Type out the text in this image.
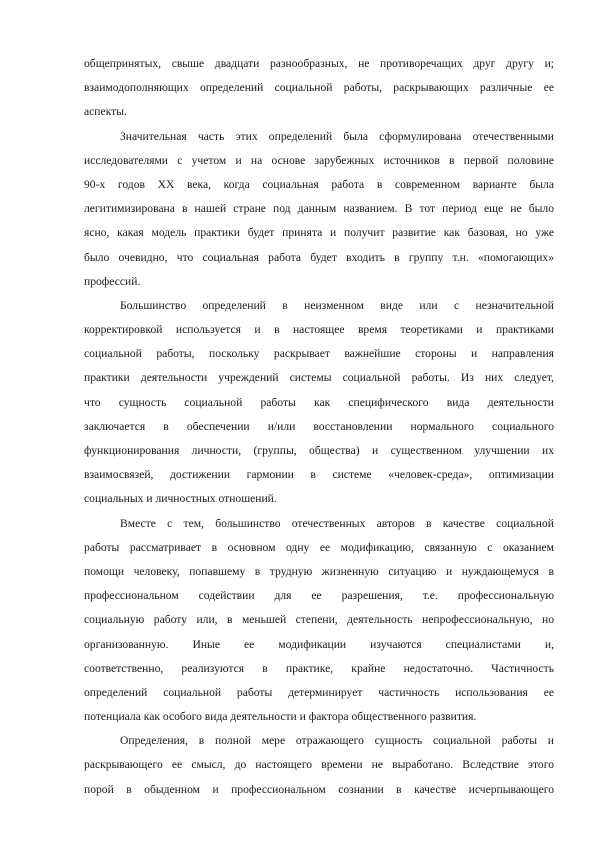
общепринятых, свыше двадцати разнообразных, не противоречащих друг другу и;
взаимодополняющих определений социальной работы, раскрывающих различные ее
аспекты.

Значительная часть этих определений была сформулирована отечественными
исследователями с учетом и на основе зарубежных источников в первой половине
90-х годов XX века, когда социальная работа в современном варианте была
легитимизирована в нашей стране под данным названием. В тот период еще не было
ясно, какая модель практики будет принята и получит развитие как базовая, но уже
было очевидно, что социальная работа будет входить в группу т.н. «помогающих»
профессий.

Большинство определений в неизменном виде или с незначительной
корректировкой используется и в настоящее время теоретиками и практиками
социальной работы, поскольку раскрывает важнейшие стороны и направления
практики деятельности учреждений системы социальной работы. Из них следует,
что сущность социальной работы как специфического вида деятельности
заключается в обеспечении и/или восстановлении нормального социального
функционирования личности, (группы, общества) и существенном улучшении их
взаимосвязей, достижении гармонии в системе «человек-среда», оптимизации
социальных и личностных отношений.

Вместе с тем, большинство отечественных авторов в качестве социальной
работы рассматривает в основном одну ее модификацию, связанную с оказанием
помощи человеку, попавшему в трудную жизненную ситуацию и нуждающемуся в
профессиональном содействии для ее разрешения, т.е. профессиональную
социальную работу или, в меньшей степени, деятельность непрофессиональную, но
организованную. Иные ее модификации изучаются специалистами и,
соответственно, реализуются в практике, крайне недостаточно. Частичность
определений социальной работы детерминирует частичность использования ее
потенциала как особого вида деятельности и фактора общественного развития.

Определения, в полной мере отражающего сущность социальной работы и
раскрывающего ее смысл, до настоящего времени не выработано. Вследствие этого
порой в обыденном и профессиональном сознании в качестве исчерпывающего
